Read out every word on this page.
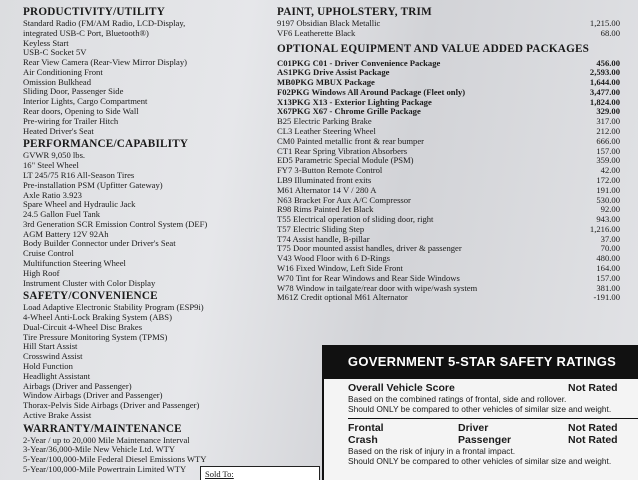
PRODUCTIVITY/UTILITY
Standard Radio (FM/AM Radio, LCD-Display,
integrated USB-C Port, Bluetooth®)
Keyless Start
USB-C Socket 5V
Rear View Camera (Rear-View Mirror Display)
Air Conditioning Front
Omission Bulkhead
Sliding Door, Passenger Side
Interior Lights, Cargo Compartment
Rear doors, Opening to Side Wall
Pre-wiring for Trailer Hitch
Heated Driver's Seat
PERFORMANCE/CAPABILITY
GVWR 9,050 lbs.
16" Steel Wheel
LT 245/75 R16 All-Season Tires
Pre-installation PSM (Upfitter Gateway)
Axle Ratio 3.923
Spare Wheel and Hydraulic Jack
24.5 Gallon Fuel Tank
3rd Generation SCR Emission Control System (DEF)
AGM Battery 12V 92Ah
Body Builder Connector under Driver's Seat
Cruise Control
Multifunction Steering Wheel
High Roof
Instrument Cluster with Color Display
SAFETY/CONVENIENCE
Load Adaptive Electronic Stability Program (ESP9i)
4-Wheel Anti-Lock Braking System (ABS)
Dual-Circuit 4-Wheel Disc Brakes
Tire Pressure Monitoring System (TPMS)
Hill Start Assist
Crosswind Assist
Hold Function
Headlight Assistant
Airbags (Driver and Passenger)
Window Airbags (Driver and Passenger)
Thorax-Pelvis Side Airbags (Driver and Passenger)
Active Brake Assist
WARRANTY/MAINTENANCE
2-Year / up to 20,000 Mile Maintenance Interval
3-Year/36,000-Mile New Vehicle Ltd. WTY
5-Year/100,000-Mile Federal Diesel Emissions WTY
5-Year/100,000-Mile Powertrain Limited WTY	Sold To:
PAINT, UPHOLSTERY, TRIM
9197 Obsidian Black Metallic	1,215.00
VF6 Leatherette Black	68.00
OPTIONAL EQUIPMENT AND VALUE ADDED PACKAGES
C01PKG C01 - Driver Convenience Package	456.00
AS1PKG Drive Assist Package	2,593.00
MB0PKG MBUX Package	1,644.00
F02PKG Windows All Around Package (Fleet only)	3,477.00
X13PKG X13 - Exterior Lighting Package	1,824.00
X67PKG X67 - Chrome Grille Package	329.00
B25 Electric Parking Brake	317.00
CL3 Leather Steering Wheel	212.00
CM0 Painted metallic front & rear bumper	666.00
CT1 Rear Spring Vibration Absorbers	157.00
ED5 Parametric Special Module (PSM)	359.00
FY7 3-Button Remote Control	42.00
LB9 Illuminated front exits	172.00
M61 Alternator 14 V / 280 A	191.00
N63 Bracket For Aux A/C Compressor	530.00
R98 Rims Painted Jet Black	92.00
T55 Electrical operation of sliding door, right	943.00
T57 Electric Sliding Step	1,216.00
T74 Assist handle, B-pillar	37.00
T75 Door mounted assist handles, driver & passenger	70.00
V43 Wood Floor with 6 D-Rings	480.00
W16 Fixed Window, Left Side Front	164.00
W70 Tint for Rear Windows and Rear Side Windows	157.00
W78 Window in tailgate/rear door with wipe/wash system	381.00
M61Z Credit optional M61 Alternator	-191.00
GOVERNMENT 5-STAR SAFETY RATINGS
Overall Vehicle Score	Not Rated
Based on the combined ratings of frontal, side and rollover.
Should ONLY be compared to other vehicles of similar size and weight.
Frontal	Driver	Not Rated
Crash	Passenger	Not Rated
Based on the risk of injury in a frontal impact.
Should ONLY be compared to other vehicles of similar size and weight.
